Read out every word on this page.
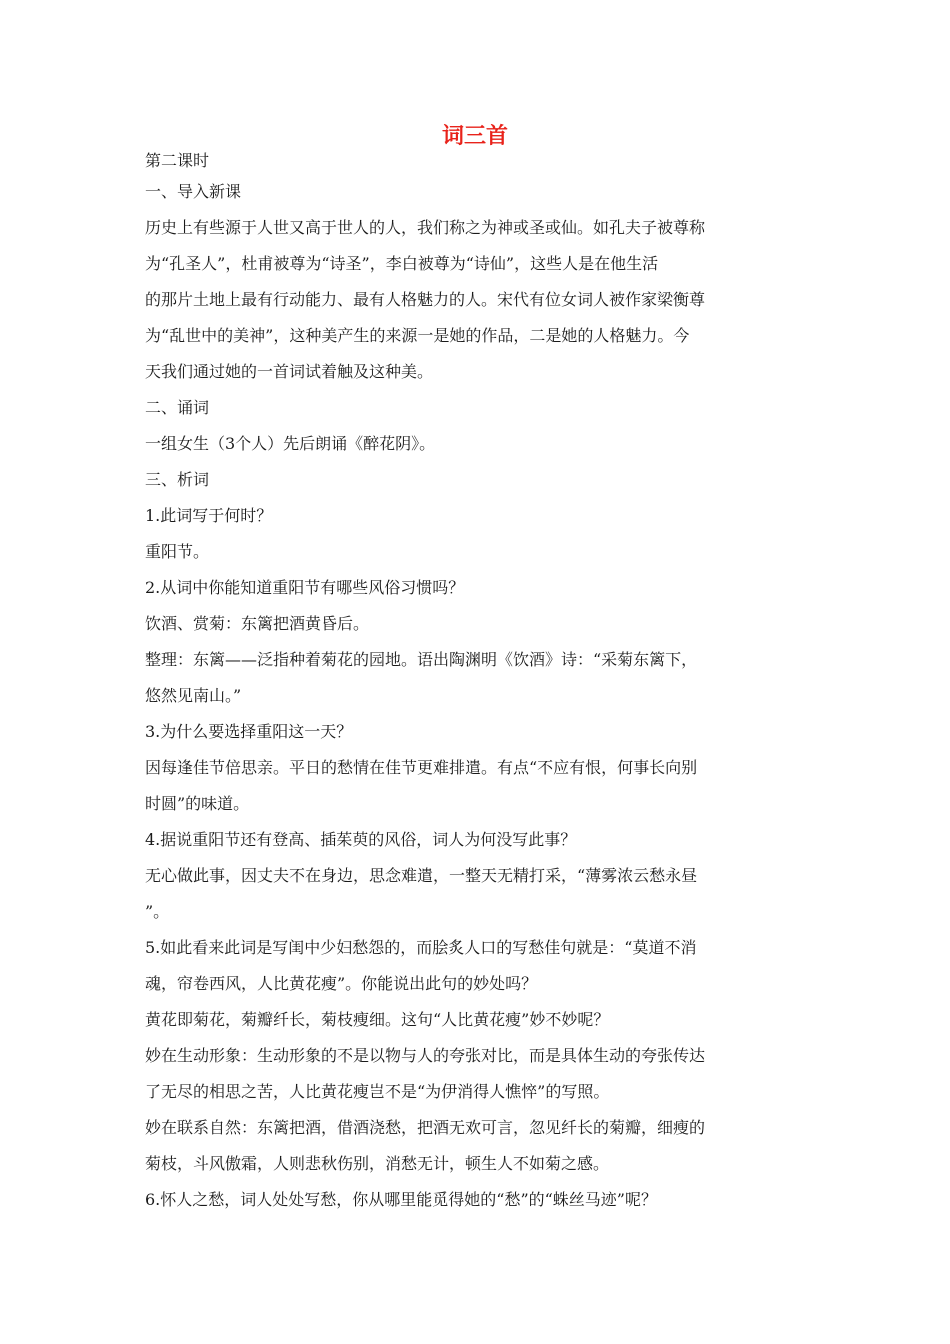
词三首

第二课时

一、导入新课

历史上有些源于人世又高于世人的人，我们称之为神或圣或仙。如孔夫子被尊称

为“孔圣人”，杜甫被尊为“诗圣”，李白被尊为“诗仙”，这些人是在他生活

的那片土地上最有行动能力、最有人格魅力的人。宋代有位女词人被作家梁衡尊

为“乱世中的美神”，这种美产生的来源一是她的作品，二是她的人格魅力。今

天我们通过她的一首词试着触及这种美。

二、诵词

一组女生（3个人）先后朗诵《醉花阴》。

三、析词

1.此词写于何时？

重阳节。

2.从词中你能知道重阳节有哪些风俗习惯吗？

饮酒、赏菊：东篱把酒黄昏后。

整理：东篱——泛指种着菊花的园地。语出陶渊明《饮酒》诗：“采菊东篱下，

悠然见南山。”

3.为什么要选择重阳这一天？

因每逢佳节倍思亲。平日的愁情在佳节更难排遣。有点“不应有恨，何事长向别

时圆”的味道。

4.据说重阳节还有登高、插茱萸的风俗，词人为何没写此事？

无心做此事，因丈夫不在身边，思念难遣，一整天无精打采，“薄雾浓云愁永昼

”。

5.如此看来此词是写闺中少妇愁怨的，而脍炙人口的写愁佳句就是：“莫道不消

魂，帘卷西风，人比黄花瘦”。你能说出此句的妙处吗？

黄花即菊花，菊瓣纤长，菊枝瘦细。这句“人比黄花瘦”妙不妙呢？

妙在生动形象：生动形象的不是以物与人的夸张对比，而是具体生动的夸张传达

了无尽的相思之苦，人比黄花瘦岂不是“为伊消得人憔悴”的写照。

妙在联系自然：东篱把酒，借酒浇愁，把酒无欢可言，忽见纤长的菊瓣，细瘦的

菊枝，斗风傲霜，人则悲秋伤别，消愁无计，顿生人不如菊之感。

6.怀人之愁，词人处处写愁，你从哪里能觅得她的“愁”的“蛛丝马迹”呢？
